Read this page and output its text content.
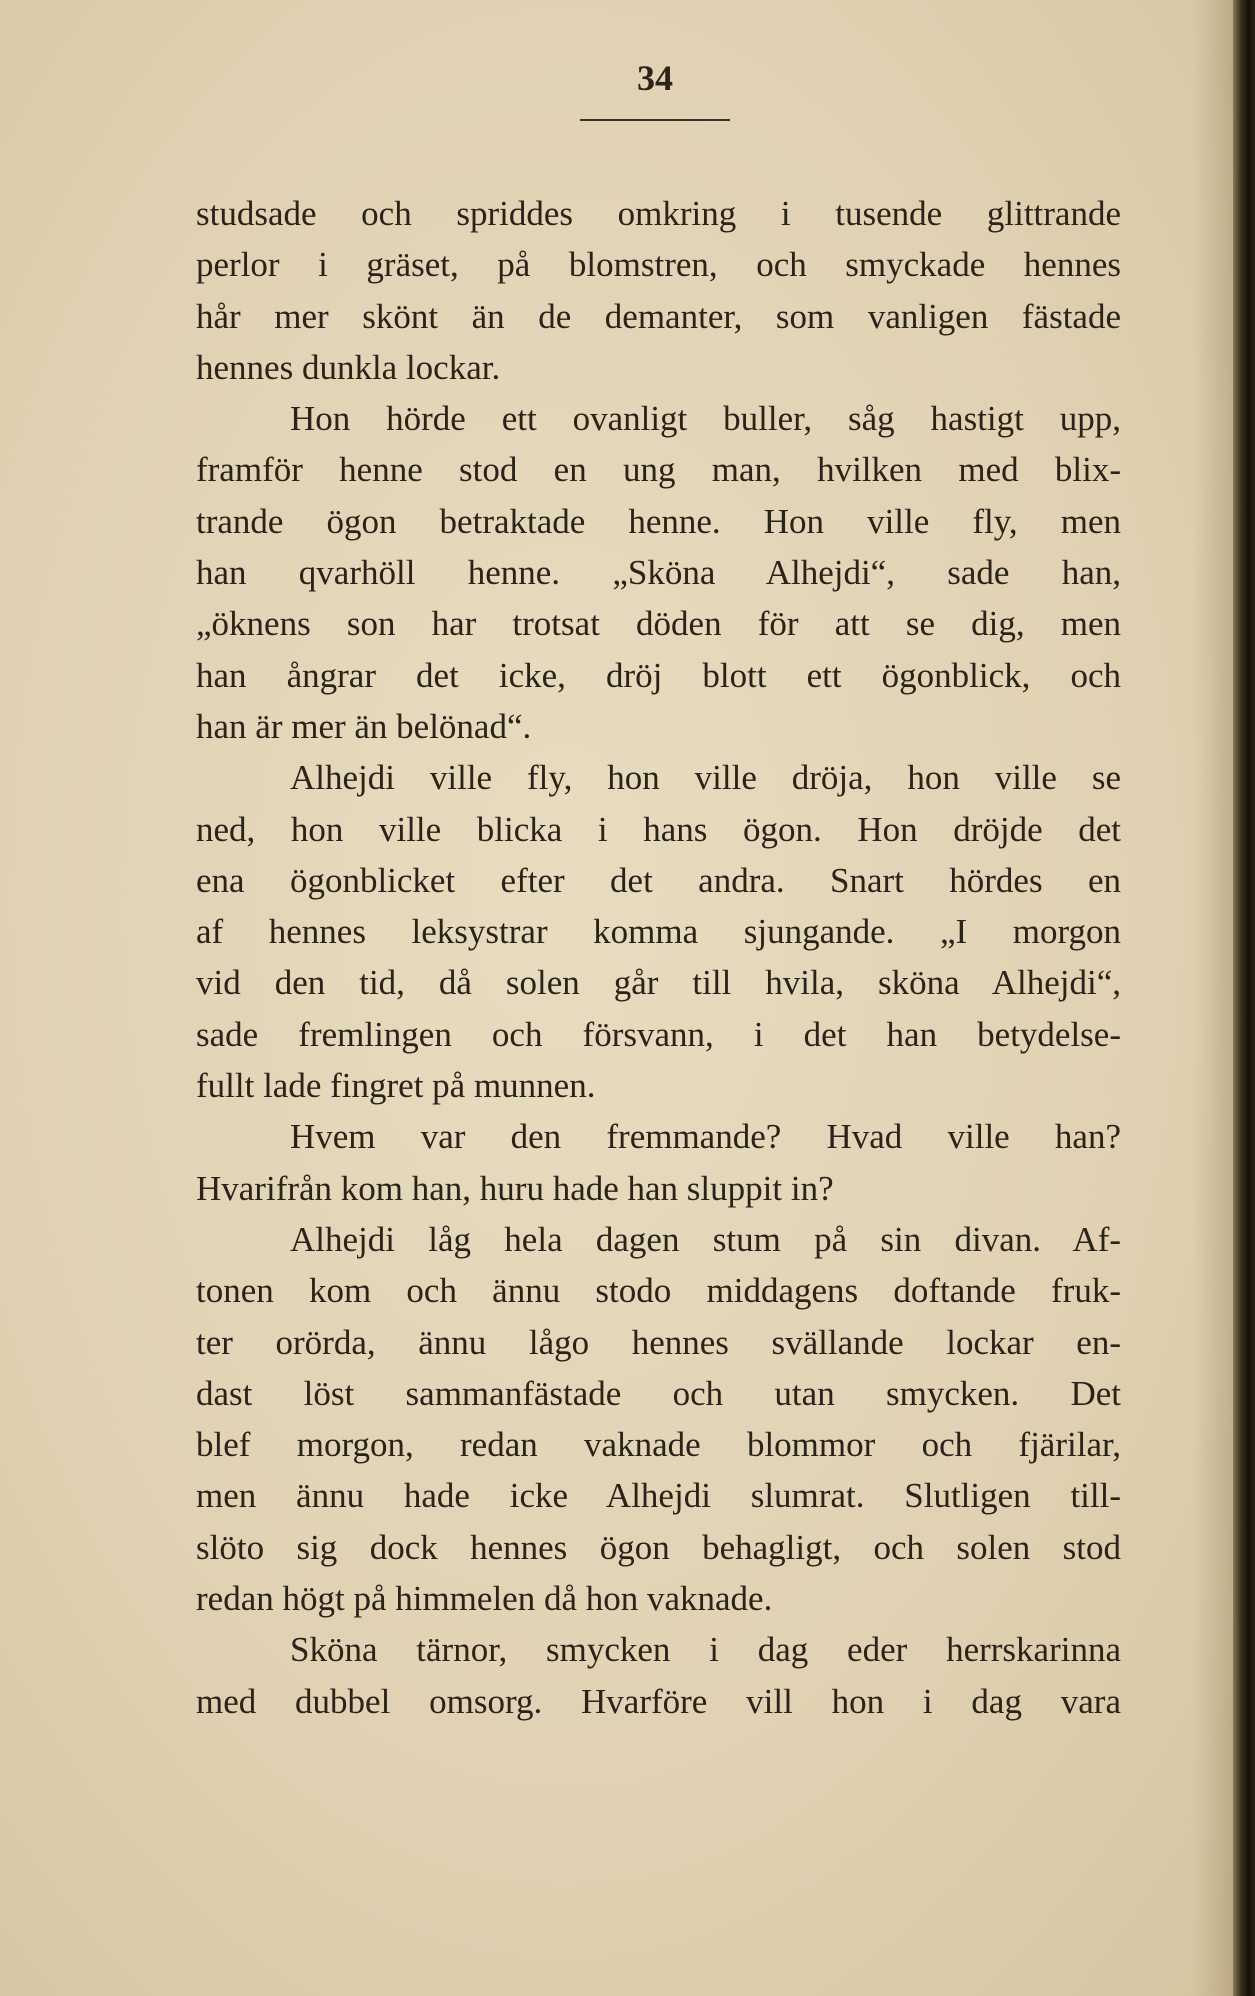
34
studsade och spriddes omkring i tusende glittrande
perlor i gräset, på blomstren, och smyckade hennes
hår mer skönt än de demanter, som vanligen fästade
hennes dunkla lockar.
Hon hörde ett ovanligt buller, såg hastigt upp,
framför henne stod en ung man, hvilken med blix-
trande ögon betraktade henne. Hon ville fly, men
han qvarhöll henne. „Sköna Alhejdi“, sade han,
„öknens son har trotsat döden för att se dig, men
han ångrar det icke, dröj blott ett ögonblick, och
han är mer än belönad“.
Alhejdi ville fly, hon ville dröja, hon ville se
ned, hon ville blicka i hans ögon. Hon dröjde det
ena ögonblicket efter det andra. Snart hördes en
af hennes leksystrar komma sjungande. „I morgon
vid den tid, då solen går till hvila, sköna Alhejdi“,
sade fremlingen och försvann, i det han betydelse-
fullt lade fingret på munnen.
Hvem var den fremmande? Hvad ville han?
Hvarifrån kom han, huru hade han sluppit in?
Alhejdi låg hela dagen stum på sin divan. Af-
tonen kom och ännu stodo middagens doftande fruk-
ter orörda, ännu lågo hennes svällande lockar en-
dast löst sammanfästade och utan smycken. Det
blef morgon, redan vaknade blommor och fjärilar,
men ännu hade icke Alhejdi slumrat. Slutligen till-
slöto sig dock hennes ögon behagligt, och solen stod
redan högt på himmelen då hon vaknade.
Sköna tärnor, smycken i dag eder herrskarinna
med dubbel omsorg. Hvarföre vill hon i dag vara
